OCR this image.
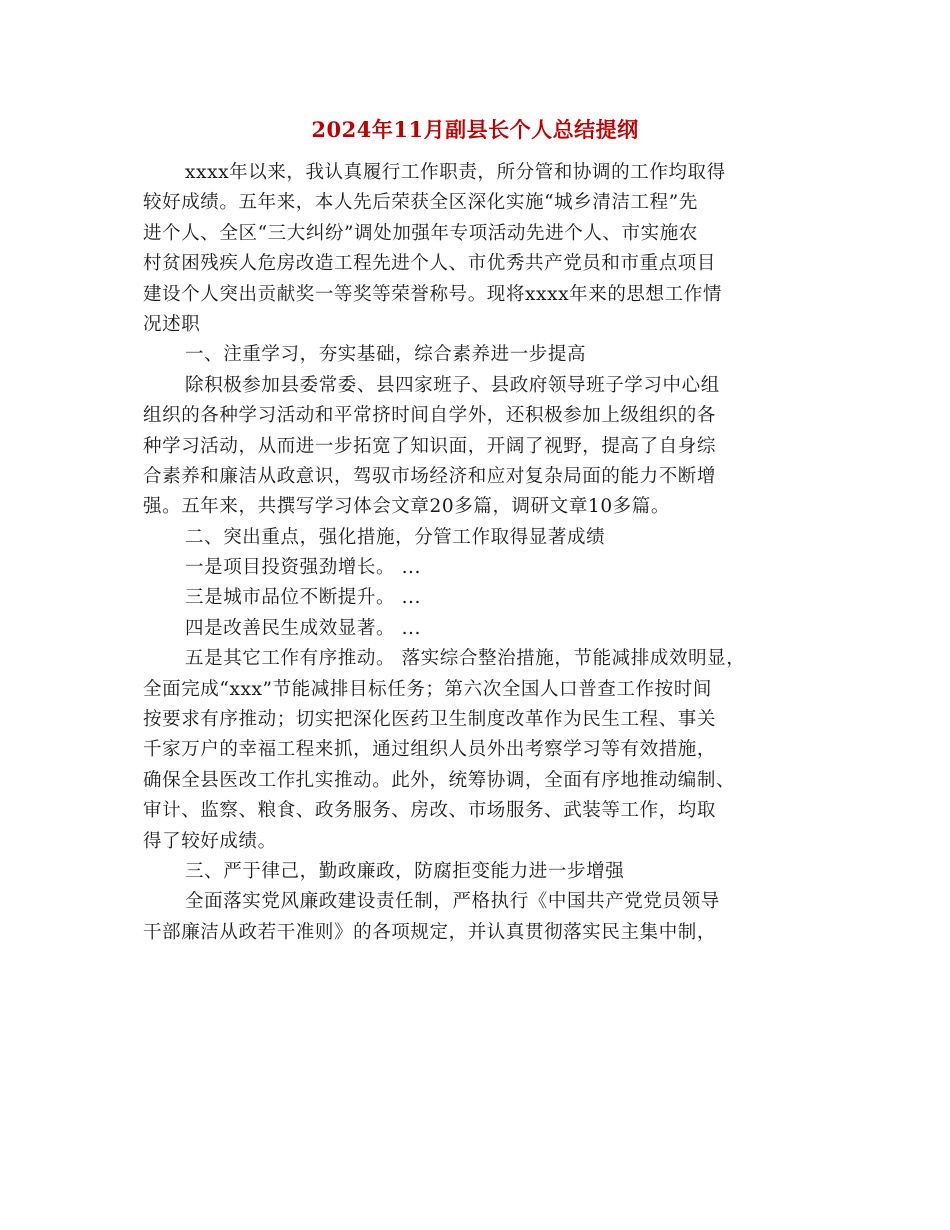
2024年11月副县长个人总结提纲
xxxx年以来，我认真履行工作职责，所分管和协调的工作均取得
较好成绩。五年来，本人先后荣获全区深化实施“城乡清洁工程”先
进个人、全区“三大纠纷”调处加强年专项活动先进个人、市实施农
村贫困残疾人危房改造工程先进个人、市优秀共产党员和市重点项目
建设个人突出贡献奖一等奖等荣誉称号。现将xxxx年来的思想工作情
况述职
一、注重学习，夯实基础，综合素养进一步提高
除积极参加县委常委、县四家班子、县政府领导班子学习中心组
组织的各种学习活动和平常挤时间自学外，还积极参加上级组织的各
种学习活动，从而进一步拓宽了知识面，开阔了视野，提高了自身综
合素养和廉洁从政意识，驾驭市场经济和应对复杂局面的能力不断增
强。五年来，共撰写学习体会文章20多篇，调研文章10多篇。
二、突出重点，强化措施，分管工作取得显著成绩
一是项目投资强劲增长。 ...
三是城市品位不断提升。 ...
四是改善民生成效显著。 ...
五是其它工作有序推动。 落实综合整治措施，节能减排成效明显，
全面完成“xxx”节能减排目标任务；第六次全国人口普查工作按时间
按要求有序推动；切实把深化医药卫生制度改革作为民生工程、事关
千家万户的幸福工程来抓，通过组织人员外出考察学习等有效措施，
确保全县医改工作扎实推动。此外，统筹协调，全面有序地推动编制、
审计、监察、粮食、政务服务、房改、市场服务、武装等工作，均取
得了较好成绩。
三、严于律己，勤政廉政，防腐拒变能力进一步增强
全面落实党风廉政建设责任制，严格执行《中国共产党党员领导
干部廉洁从政若干准则》的各项规定，并认真贯彻落实民主集中制，
